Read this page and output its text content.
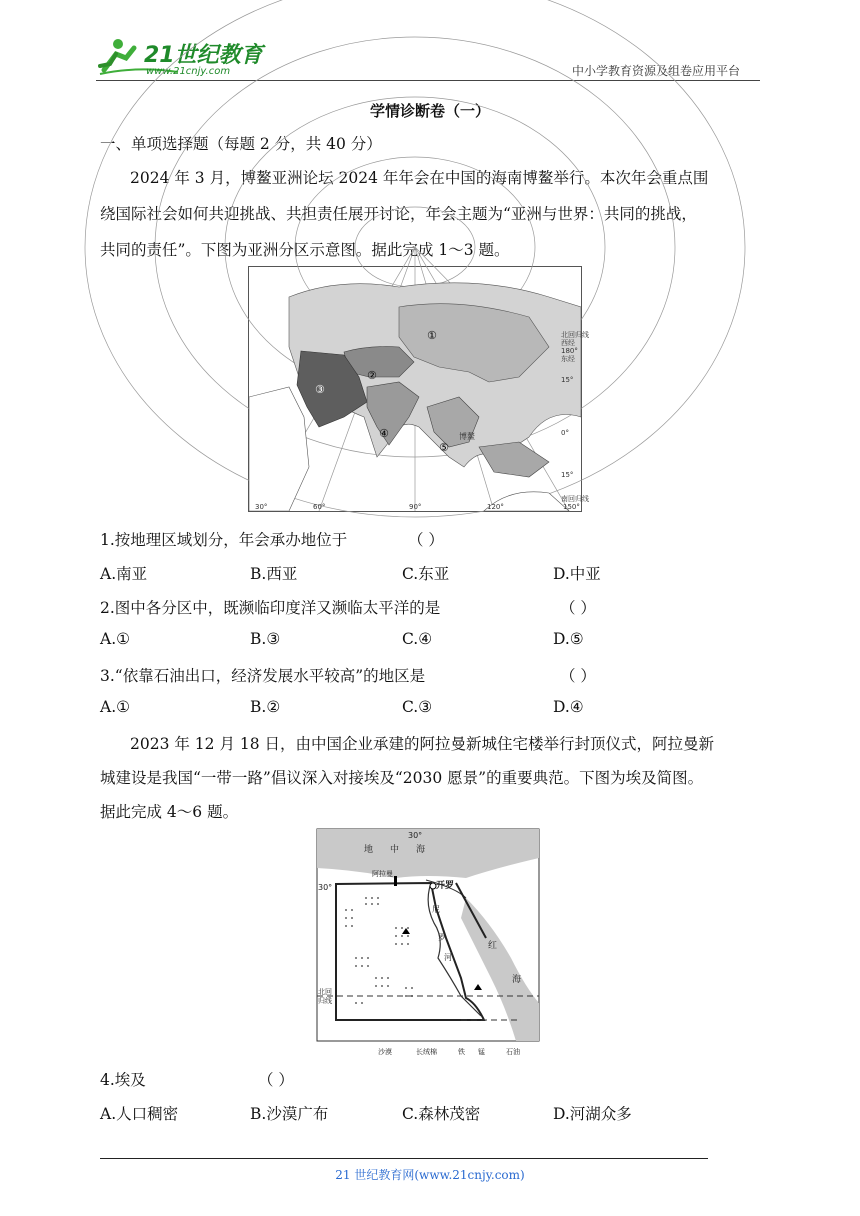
21世纪教育
www.21cnjy.com	中小学教育资源及组卷应用平台
学情诊断卷（一）
一、单项选择题（每题 2 分，共 40 分）
2024 年 3 月，博鳌亚洲论坛 2024 年年会在中国的海南博鳌举行。本次年会重点围
绕国际社会如何共迎挑战、共担责任展开讨论，年会主题为“亚洲与世界：共同的挑战，
共同的责任”。下图为亚洲分区示意图。据此完成 1～3 题。
①
②
③
④
⑤
博鳌
北回归线
西经
180°
东经
15°
0°
15°
南回归线
30°	60°	90°	120°	150°
1.按地理区域划分，年会承办地位于	（ ）
A.南亚	B.西亚	C.东亚	D.中亚
2.图中各分区中，既濒临印度洋又濒临太平洋的是	（ ）
A.①	B.③	C.④	D.⑤
3.“依靠石油出口，经济发展水平较高”的地区是	（ ）
A.①	B.②	C.③	D.④
2023 年 12 月 18 日，由中国企业承建的阿拉曼新城住宅楼举行封顶仪式，阿拉曼新
城建设是我国“一带一路”倡议深入对接埃及“2030 愿景”的重要典范。下图为埃及简图。
据此完成 4～6 题。
30°
30°
地 中 海
阿拉曼
开罗
尼
罗
河
红
海
北回
归线
沙漠	长绒棉	铁 锰	石油
4.埃及	（ ）
A.人口稠密	B.沙漠广布	C.森林茂密	D.河湖众多
21 世纪教育网(www.21cnjy.com)
